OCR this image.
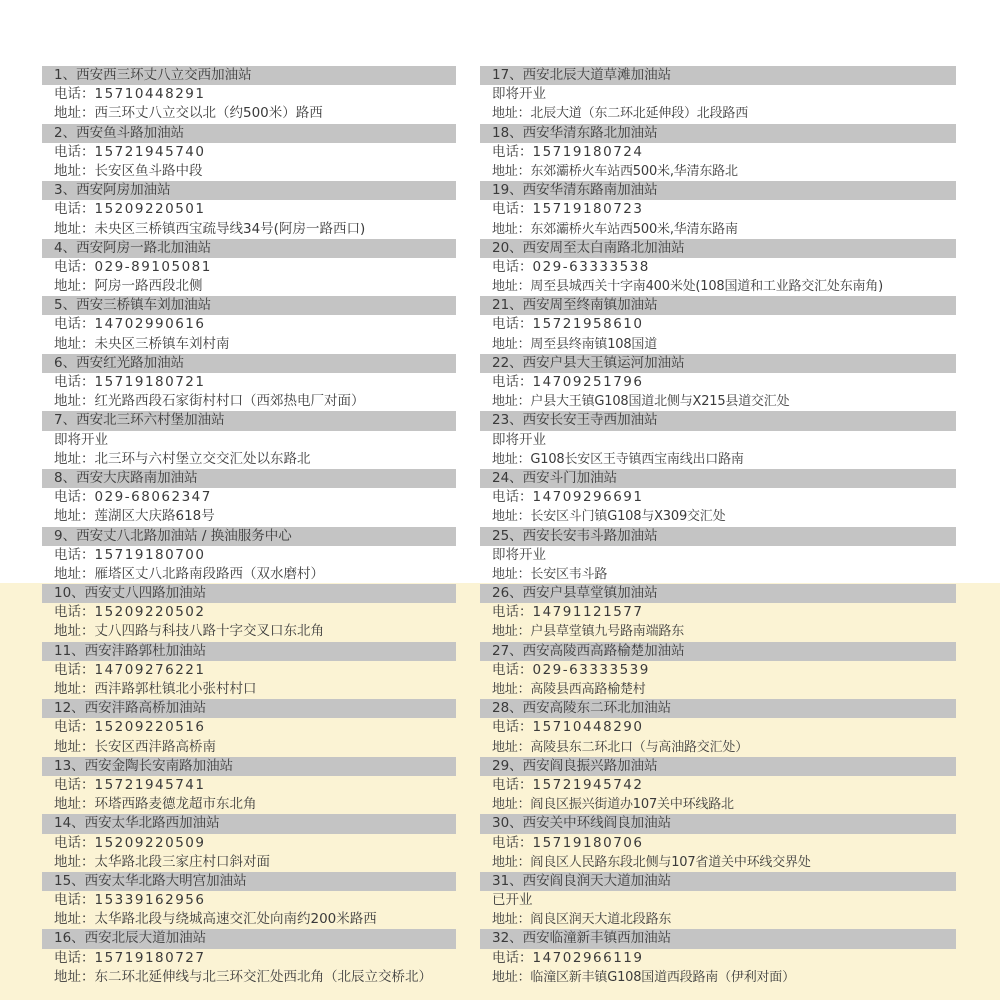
1、西安西三环丈八立交西加油站
电话：15710448291
地址：西三环丈八立交以北（约500米）路西
2、西安鱼斗路加油站
电话：15721945740
地址：长安区鱼斗路中段
3、西安阿房加油站
电话：15209220501
地址：未央区三桥镇西宝疏导线34号(阿房一路西口)
4、西安阿房一路北加油站
电话：029-89105081
地址：阿房一路西段北侧
5、西安三桥镇车刘加油站
电话：14702990616
地址：未央区三桥镇车刘村南
6、西安红光路加油站
电话：15719180721
地址：红光路西段石家街村村口（西郊热电厂对面）
7、西安北三环六村堡加油站
即将开业
地址：北三环与六村堡立交交汇处以东路北
8、西安大庆路南加油站
电话：029-68062347
地址：莲湖区大庆路618号
9、西安丈八北路加油站 / 换油服务中心
电话：15719180700
地址：雁塔区丈八北路南段路西（双水磨村）
10、西安丈八四路加油站
电话：15209220502
地址：丈八四路与科技八路十字交叉口东北角
11、西安沣路郭杜加油站
电话：14709276221
地址：西沣路郭杜镇北小张村村口
12、西安沣路高桥加油站
电话：15209220516
地址：长安区西沣路高桥南
13、西安金陶长安南路加油站
电话：15721945741
地址：环塔西路麦德龙超市东北角
14、西安太华北路西加油站
电话：15209220509
地址：太华路北段三家庄村口斜对面
15、西安太华北路大明宫加油站
电话：15339162956
地址：太华路北段与绕城高速交汇处向南约200米路西
16、西安北辰大道加油站
电话：15719180727
地址：东二环北延伸线与北三环交汇处西北角（北辰立交桥北）
17、西安北辰大道草滩加油站
即将开业
地址：北辰大道（东二环北延伸段）北段路西
18、西安华清东路北加油站
电话：15719180724
地址：东郊灞桥火车站西500米,华清东路北
19、西安华清东路南加油站
电话：15719180723
地址：东郊灞桥火车站西500米,华清东路南
20、西安周至太白南路北加油站
电话：029-63333538
地址：周至县城西关十字南400米处(108国道和工业路交汇处东南角)
21、西安周至终南镇加油站
电话：15721958610
地址：周至县终南镇108国道
22、西安户县大王镇运河加油站
电话：14709251796
地址：户县大王镇G108国道北侧与X215县道交汇处
23、西安长安王寺西加油站
即将开业
地址：G108长安区王寺镇西宝南线出口路南
24、西安斗门加油站
电话：14709296691
地址：长安区斗门镇G108与X309交汇处
25、西安长安韦斗路加油站
即将开业
地址：长安区韦斗路
26、西安户县草堂镇加油站
电话：14791121577
地址：户县草堂镇九号路南端路东
27、西安高陵西高路榆楚加油站
电话：029-63333539
地址：高陵县西高路榆楚村
28、西安高陵东二环北加油站
电话：15710448290
地址：高陵县东二环北口（与高油路交汇处）
29、西安阎良振兴路加油站
电话：15721945742
地址：阎良区振兴街道办107关中环线路北
30、西安关中环线阎良加油站
电话：15719180706
地址：阎良区人民路东段北侧与107省道关中环线交界处
31、西安阎良润天大道加油站
已开业
地址：阎良区润天大道北段路东
32、西安临潼新丰镇西加油站
电话：14702966119
地址：临潼区新丰镇G108国道西段路南（伊利对面）
